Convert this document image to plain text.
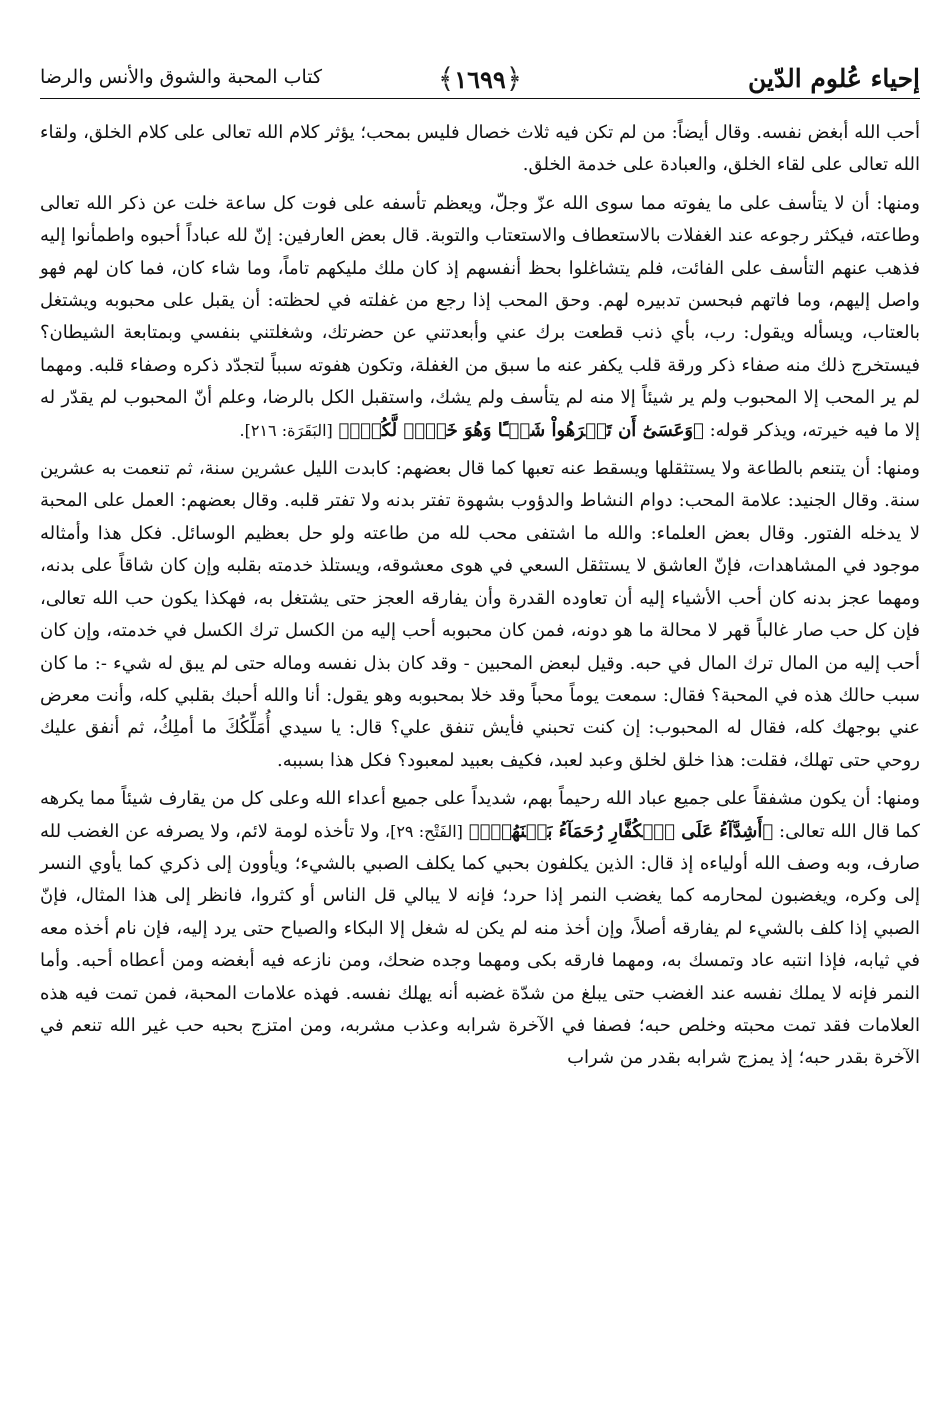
إحياء عُلوم الدّين
﴾١٦٩٩﴿
كتاب المحبة والشوق والأنس والرضا

أحب الله أبغض نفسه. وقال أيضاً: من لم تكن فيه ثلاث خصال فليس بمحب؛ يؤثر كلام الله تعالى على كلام الخلق، ولقاء الله تعالى على لقاء الخلق، والعبادة على خدمة الخلق.

ومنها: أن لا يتأسف على ما يفوته مما سوى الله عزّ وجلّ، ويعظم تأسفه على فوت كل ساعة خلت عن ذكر الله تعالى وطاعته، فيكثر رجوعه عند الغفلات بالاستعطاف والاستعتاب والتوبة. قال بعض العارفين: إنّ لله عباداً أحبوه واطمأنوا إليه فذهب عنهم التأسف على الفائت، فلم يتشاغلوا بحظ أنفسهم إذ كان ملك مليكهم تاماً، وما شاء كان، فما كان لهم فهو واصل إليهم، وما فاتهم فبحسن تدبيره لهم. وحق المحب إذا رجع من غفلته في لحظته: أن يقبل على محبوبه ويشتغل بالعتاب، ويسأله ويقول: رب، بأي ذنب قطعت برك عني وأبعدتني عن حضرتك، وشغلتني بنفسي وبمتابعة الشيطان؟ فيستخرج ذلك منه صفاء ذكر ورقة قلب يكفر عنه ما سبق من الغفلة، وتكون هفوته سبباً لتجدّد ذكره وصفاء قلبه. ومهما لم ير المحب إلا المحبوب ولم ير شيئاً إلا منه لم يتأسف ولم يشك، واستقبل الكل بالرضا، وعلم أنّ المحبوب لم يقدّر له إلا ما فيه خيرته، ويذكر قوله: ﴿وَعَسَىٰٓ أَن تَكۡرَهُواْ شَيۡـًٔا وَهُوَ خَيۡرٞ لَّكُمۡۖ﴾ [البَقَرَة: ٢١٦].

ومنها: أن يتنعم بالطاعة ولا يستثقلها ويسقط عنه تعبها كما قال بعضهم: كابدت الليل عشرين سنة، ثم تنعمت به عشرين سنة. وقال الجنيد: علامة المحب: دوام النشاط والدؤوب بشهوة تفتر بدنه ولا تفتر قلبه. وقال بعضهم: العمل على المحبة لا يدخله الفتور. وقال بعض العلماء: والله ما اشتفى محب لله من طاعته ولو حل بعظيم الوسائل. فكل هذا وأمثاله موجود في المشاهدات، فإنّ العاشق لا يستثقل السعي في هوى معشوقه، ويستلذ خدمته بقلبه وإن كان شاقاً على بدنه، ومهما عجز بدنه كان أحب الأشياء إليه أن تعاوده القدرة وأن يفارقه العجز حتى يشتغل به، فهكذا يكون حب الله تعالى، فإن كل حب صار غالباً قهر لا محالة ما هو دونه، فمن كان محبوبه أحب إليه من الكسل ترك الكسل في خدمته، وإن كان أحب إليه من المال ترك المال في حبه. وقيل لبعض المحبين - وقد كان بذل نفسه وماله حتى لم يبق له شيء -: ما كان سبب حالك هذه في المحبة؟ فقال: سمعت يوماً محباً وقد خلا بمحبوبه وهو يقول: أنا والله أحبك بقلبي كله، وأنت معرض عني بوجهك كله، فقال له المحبوب: إن كنت تحبني فأيش تنفق علي؟ قال: يا سيدي أُمَلِّكُكَ ما أملِكُ، ثم أنفق عليك روحي حتى تهلك، فقلت: هذا خلق لخلق وعبد لعبد، فكيف بعبيد لمعبود؟ فكل هذا بسببه.

ومنها: أن يكون مشفقاً على جميع عباد الله رحيماً بهم، شديداً على جميع أعداء الله وعلى كل من يقارف شيئاً مما يكرهه كما قال الله تعالى: ﴿أَشِدَّآءُ عَلَى ٱلۡكُفَّارِ رُحَمَآءُ بَيۡنَهُمۡۖ﴾ [الفَتْح: ٢٩]، ولا تأخذه لومة لائم، ولا يصرفه عن الغضب لله صارف، وبه وصف الله أولياءه إذ قال: الذين يكلفون بحبي كما يكلف الصبي بالشيء؛ ويأوون إلى ذكري كما يأوي النسر إلى وكره، ويغضبون لمحارمه كما يغضب النمر إذا حرد؛ فإنه لا يبالي قل الناس أو كثروا، فانظر إلى هذا المثال، فإنّ الصبي إذا كلف بالشيء لم يفارقه أصلاً، وإن أخذ منه لم يكن له شغل إلا البكاء والصياح حتى يرد إليه، فإن نام أخذه معه في ثيابه، فإذا انتبه عاد وتمسك به، ومهما فارقه بكى ومهما وجده ضحك، ومن نازعه فيه أبغضه ومن أعطاه أحبه. وأما النمر فإنه لا يملك نفسه عند الغضب حتى يبلغ من شدّة غضبه أنه يهلك نفسه. فهذه علامات المحبة، فمن تمت فيه هذه العلامات فقد تمت محبته وخلص حبه؛ فصفا في الآخرة شرابه وعذب مشربه، ومن امتزج بحبه حب غير الله تنعم في الآخرة بقدر حبه؛ إذ يمزج شرابه بقدر من شراب
